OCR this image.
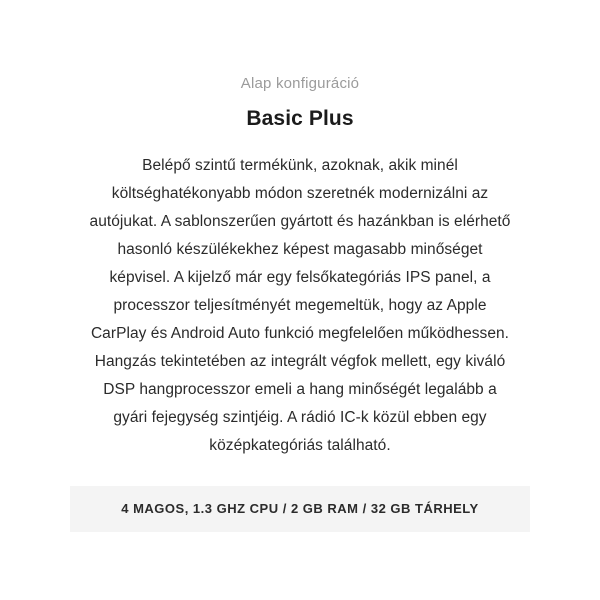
Alap konfiguráció
Basic Plus

Belépő szintű termékünk, azoknak, akik minél költséghatékonyabb módon szeretnék modernizálni az autójukat. A sablonszerűen gyártott és hazánkban is elérhető hasonló készülékekhez képest magasabb minőséget képvisel. A kijelző már egy felsőkategóriás IPS panel, a processzor teljesítményét megemeltük, hogy az Apple CarPlay és Android Auto funkció megfelelően működhessen. Hangzás tekintetében az integrált végfok mellett, egy kiváló DSP hangprocesszor emeli a hang minőségét legalább a gyári fejegység szintjéig. A rádió IC-k közül ebben egy középkategóriás található.

4 MAGOS, 1.3 GHZ CPU / 2 GB RAM / 32 GB TÁRHELY
